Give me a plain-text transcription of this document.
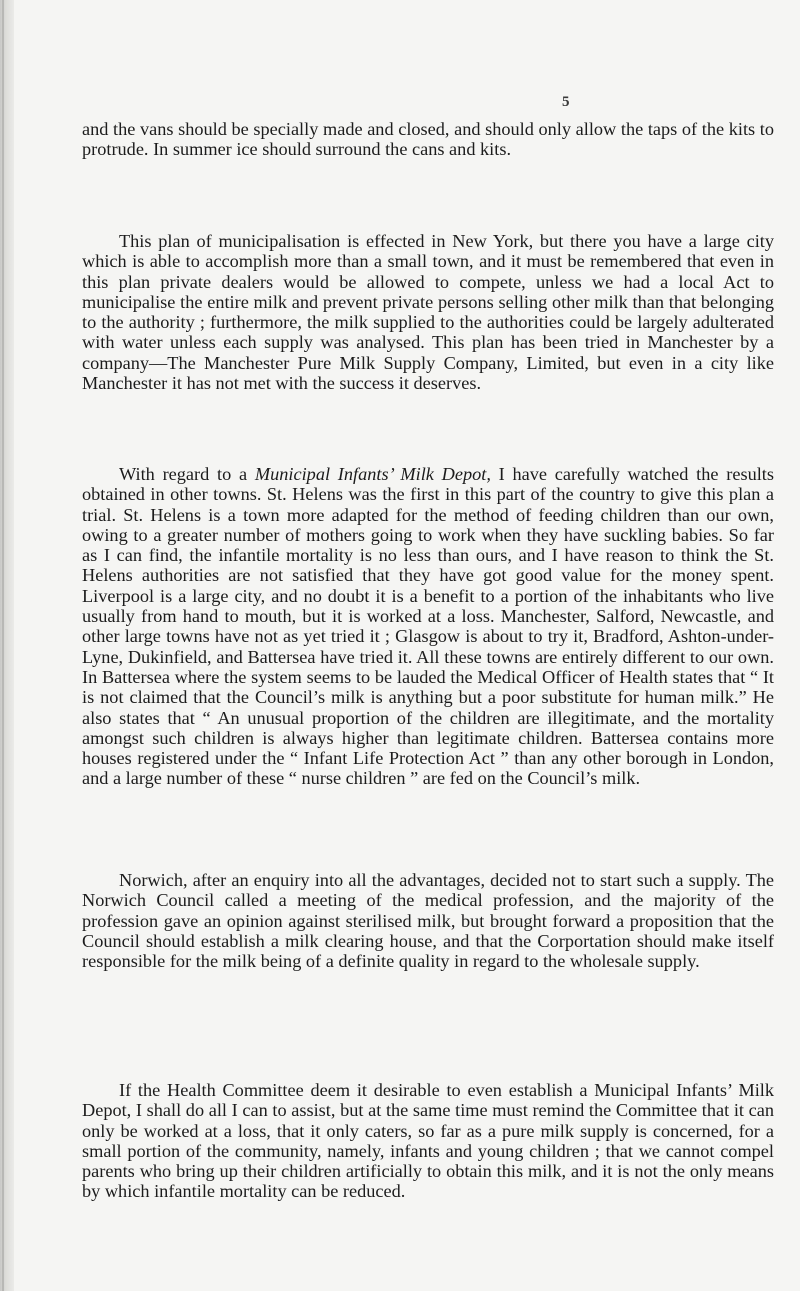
5

and the vans should be specially made and closed, and should only allow the taps of the kits to protrude. In summer ice should surround the cans and kits.

This plan of municipalisation is effected in New York, but there you have a large city which is able to accomplish more than a small town, and it must be remembered that even in this plan private dealers would be allowed to compete, unless we had a local Act to municipalise the entire milk and prevent private persons selling other milk than that belonging to the authority ; furthermore, the milk supplied to the authorities could be largely adulterated with water unless each supply was analysed. This plan has been tried in Manchester by a company—The Manchester Pure Milk Supply Company, Limited, but even in a city like Manchester it has not met with the success it deserves.

With regard to a Municipal Infants’ Milk Depot, I have carefully watched the results obtained in other towns. St. Helens was the first in this part of the country to give this plan a trial. St. Helens is a town more adapted for the method of feeding children than our own, owing to a greater number of mothers going to work when they have suckling babies. So far as I can find, the infantile mortality is no less than ours, and I have reason to think the St. Helens authorities are not satisfied that they have got good value for the money spent. Liverpool is a large city, and no doubt it is a benefit to a portion of the inhabitants who live usually from hand to mouth, but it is worked at a loss. Manchester, Salford, Newcastle, and other large towns have not as yet tried it ; Glasgow is about to try it, Bradford, Ashton-under-Lyne, Dukinfield, and Battersea have tried it. All these towns are entirely different to our own. In Battersea where the system seems to be lauded the Medical Officer of Health states that “ It is not claimed that the Council’s milk is anything but a poor substitute for human milk.” He also states that “ An unusual proportion of the children are illegitimate, and the mortality amongst such children is always higher than legitimate children. Battersea contains more houses registered under the “ Infant Life Protection Act ” than any other borough in London, and a large number of these “ nurse children ” are fed on the Council’s milk.

Norwich, after an enquiry into all the advantages, decided not to start such a supply. The Norwich Council called a meeting of the medical profession, and the majority of the profession gave an opinion against sterilised milk, but brought forward a proposition that the Council should establish a milk clearing house, and that the Corportation should make itself responsible for the milk being of a definite quality in regard to the wholesale supply.

If the Health Committee deem it desirable to even establish a Municipal Infants’ Milk Depot, I shall do all I can to assist, but at the same time must remind the Committee that it can only be worked at a loss, that it only caters, so far as a pure milk supply is concerned, for a small portion of the community, namely, infants and young children ; that we cannot compel parents who bring up their children artificially to obtain this milk, and it is not the only means by which infantile mortality can be reduced.
